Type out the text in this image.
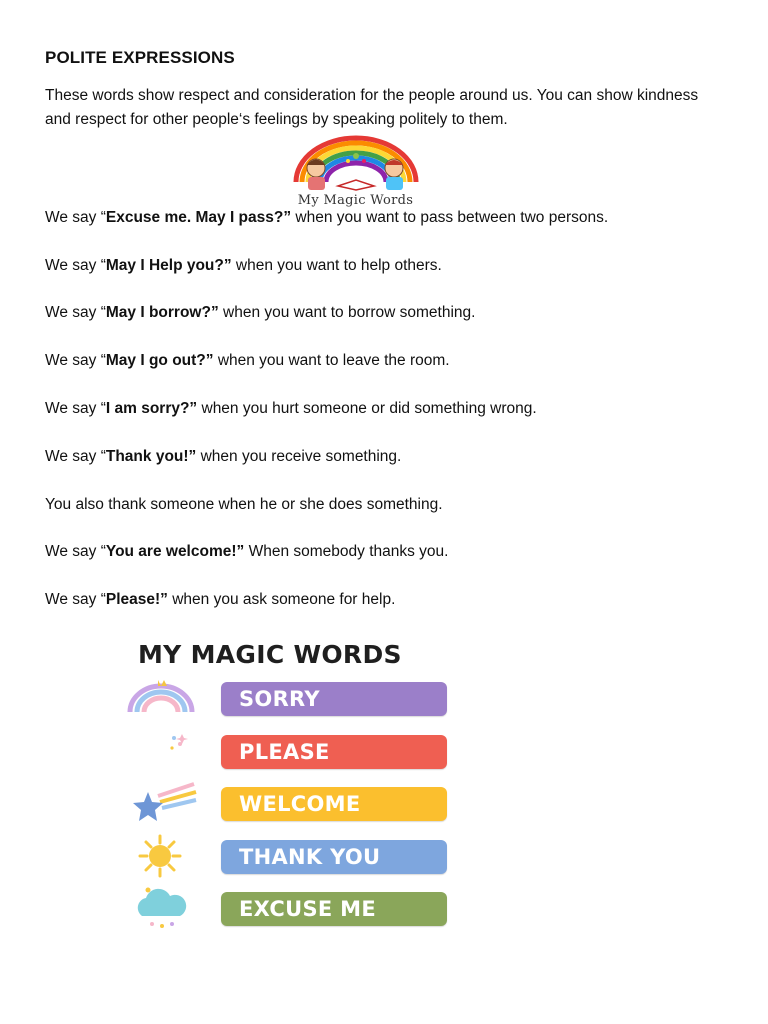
POLITE EXPRESSIONS
These words show respect and consideration for the people around us. You can show kindness and respect for other people‘s feelings by speaking politely to them.
My Magic Words
We say “Excuse me. May I pass?” when you want to pass between two persons.
We say “May I Help you?” when you want to help others.
We say “May I borrow?” when you want to borrow something.
We say “May I go out?” when you want to leave the room.
We say “I am sorry?” when you hurt someone or did something wrong.
We say “Thank you!” when you receive something.
You also thank someone when he or she does something.
We say “You are welcome!” When somebody thanks you.
We say “Please!” when you ask someone for help.
MY MAGIC WORDS
SORRY
PLEASE
WELCOME
THANK YOU
EXCUSE ME
